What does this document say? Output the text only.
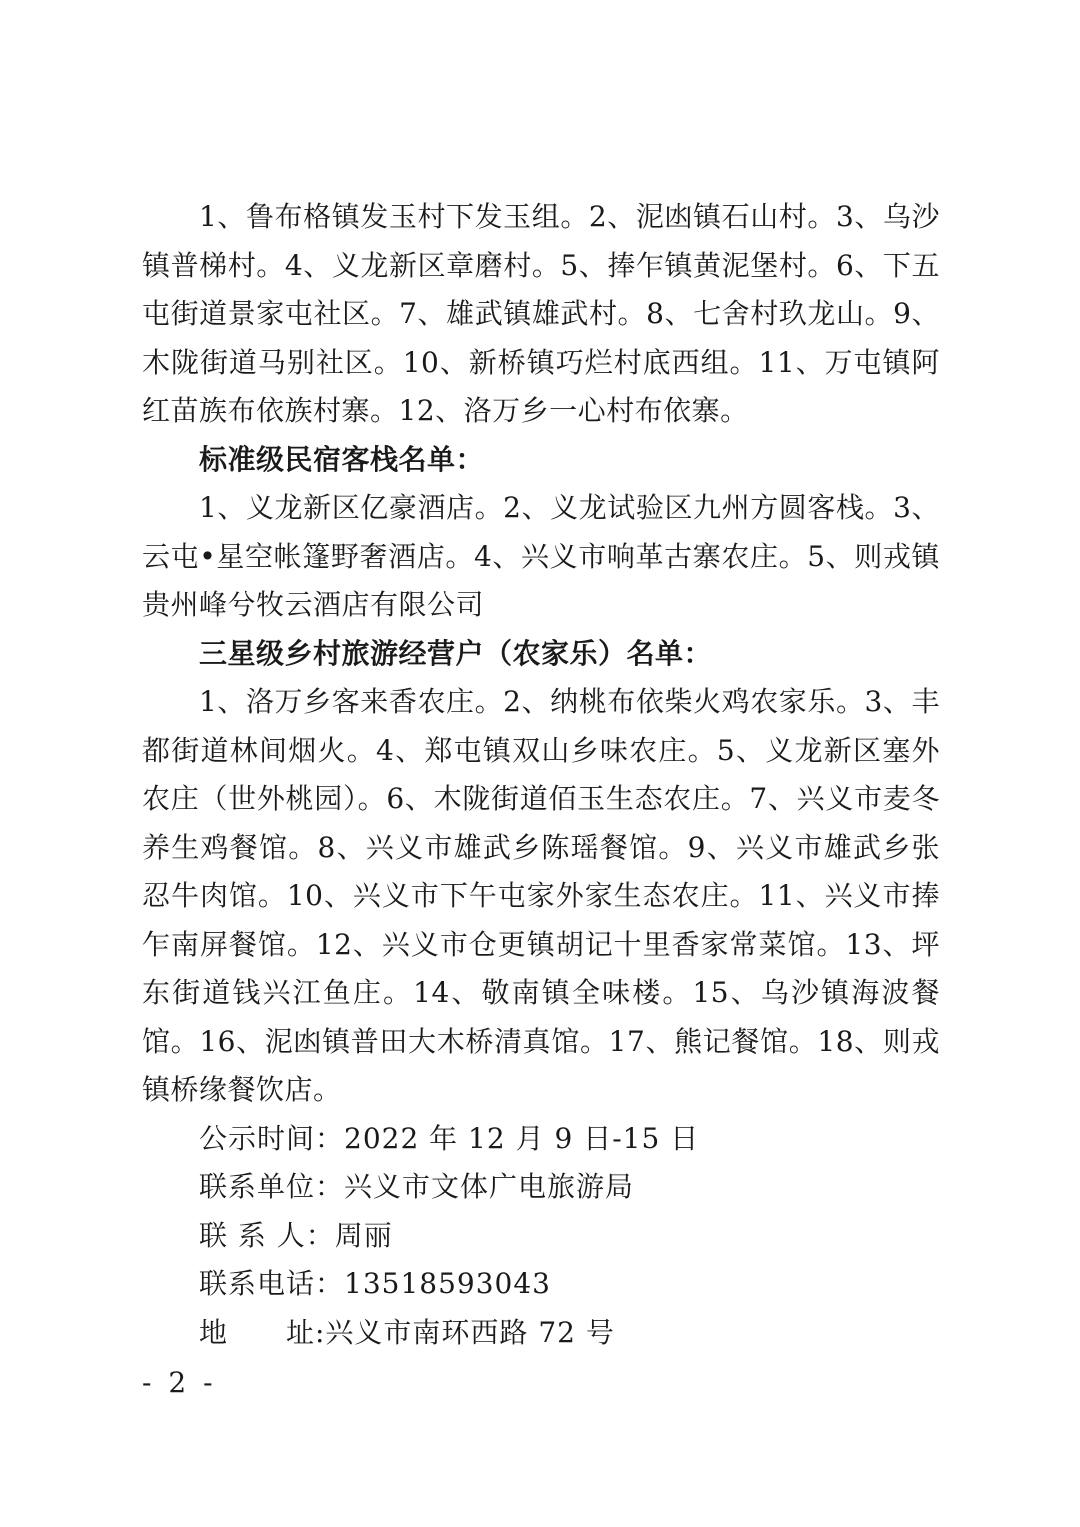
1、鲁布格镇发玉村下发玉组。2、泥凼镇石山村。3、乌沙镇普梯村。4、义龙新区章磨村。5、捧乍镇黄泥堡村。6、下五屯街道景家屯社区。7、雄武镇雄武村。8、七舍村玖龙山。9、木陇街道马别社区。10、新桥镇巧烂村底西组。11、万屯镇阿红苗族布依族村寨。12、洛万乡一心村布依寨。

标准级民宿客栈名单：

1、义龙新区亿豪酒店。2、义龙试验区九州方圆客栈。3、 云屯•星空帐篷野奢酒店。4、兴义市响革古寨农庄。5、则戎镇贵州峰兮牧云酒店有限公司

三星级乡村旅游经营户（农家乐）名单：

1、洛万乡客来香农庄。2、纳桃布依柴火鸡农家乐。3、丰都街道林间烟火。4、郑屯镇双山乡味农庄。5、义龙新区塞外农庄（世外桃园）。6、木陇街道佰玉生态农庄。7、兴义市麦冬养生鸡餐馆。8、兴义市雄武乡陈瑶餐馆。9、兴义市雄武乡张忍牛肉馆。10、兴义市下午屯家外家生态农庄。11、兴义市捧乍南屏餐馆。12、兴义市仓更镇胡记十里香家常菜馆。13、坪东街道钱兴江鱼庄。14、敬南镇全味楼。15、乌沙镇海波餐馆。16、泥凼镇普田大木桥清真馆。17、熊记餐馆。18、则戎镇桥缘餐饮店。

公示时间：2022 年 12 月 9 日-15 日

联系单位：兴义市文体广电旅游局

联 系 人：周丽

联系电话：13518593043

地　　址:兴义市南环西路 72 号

- 2 -
